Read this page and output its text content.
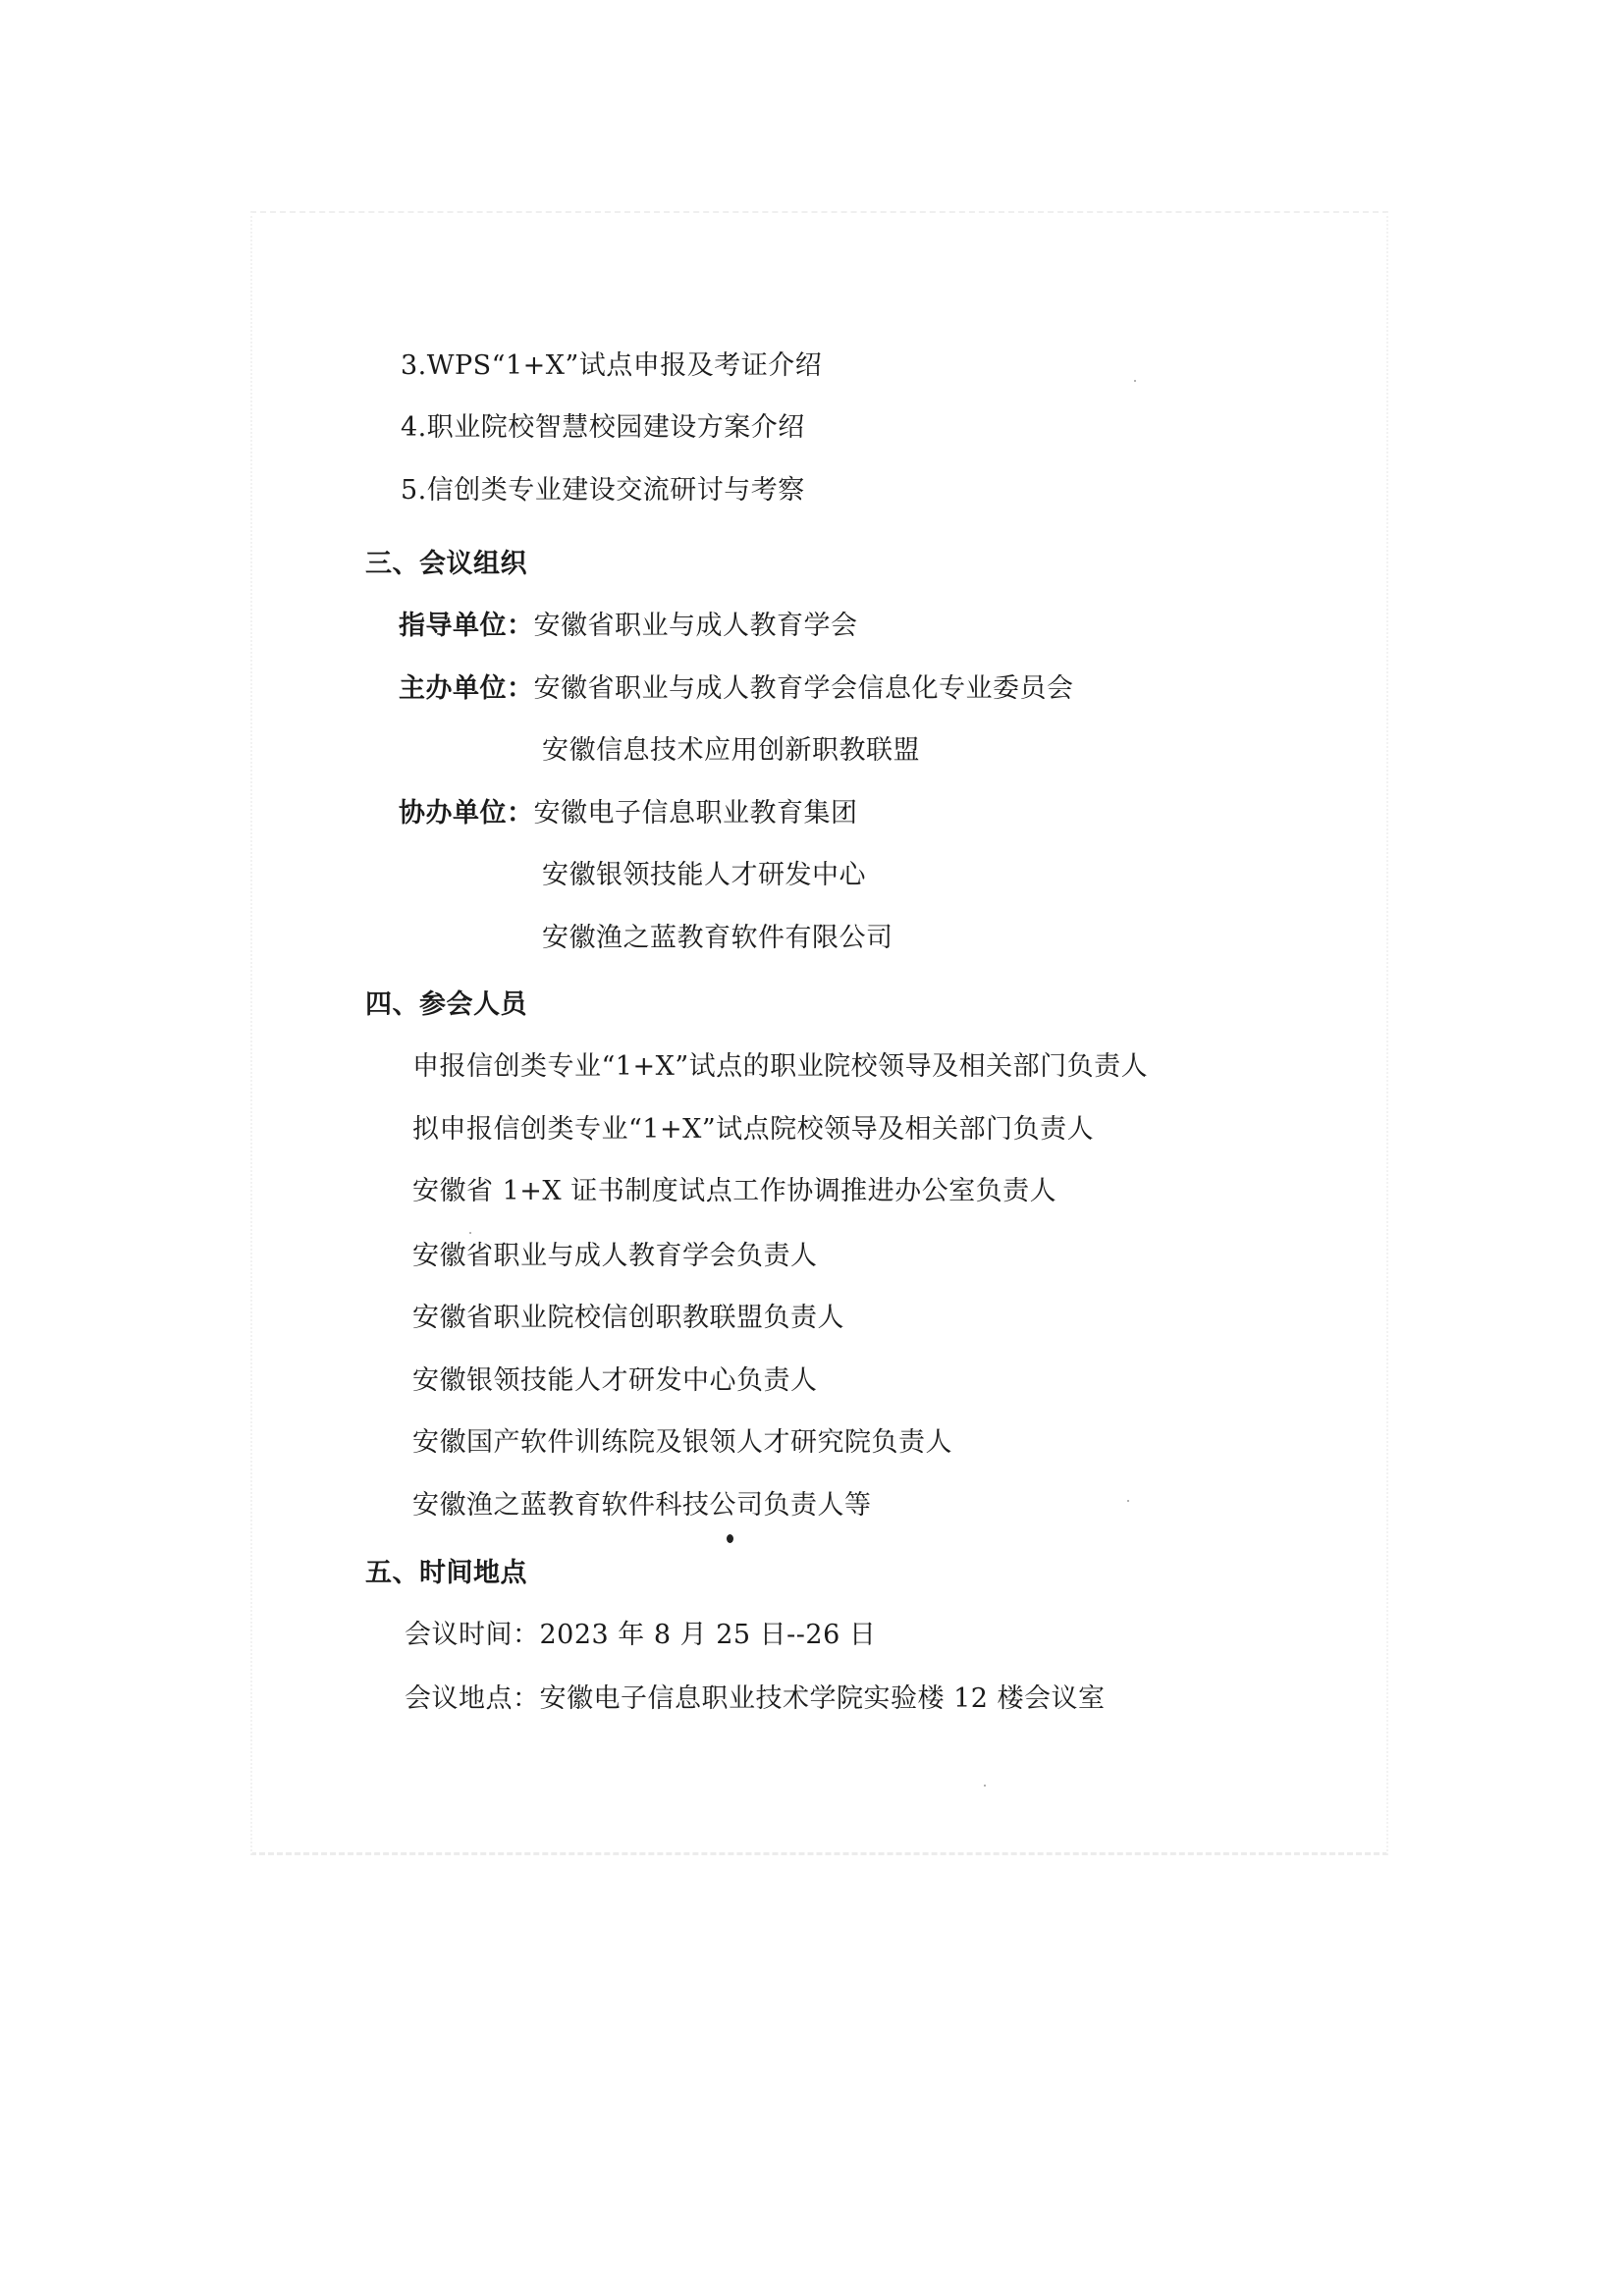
3.WPS“1+X”试点申报及考证介绍
4.职业院校智慧校园建设方案介绍
5.信创类专业建设交流研讨与考察
三、会议组织
指导单位：安徽省职业与成人教育学会
主办单位：安徽省职业与成人教育学会信息化专业委员会
安徽信息技术应用创新职教联盟
协办单位：安徽电子信息职业教育集团
安徽银领技能人才研发中心
安徽渔之蓝教育软件有限公司
四、参会人员
申报信创类专业“1+X”试点的职业院校领导及相关部门负责人
拟申报信创类专业“1+X”试点院校领导及相关部门负责人
安徽省 1+X 证书制度试点工作协调推进办公室负责人
安徽省职业与成人教育学会负责人
安徽省职业院校信创职教联盟负责人
安徽银领技能人才研发中心负责人
安徽国产软件训练院及银领人才研究院负责人
安徽渔之蓝教育软件科技公司负责人等
五、时间地点
会议时间：2023 年 8 月 25 日--26 日
会议地点：安徽电子信息职业技术学院实验楼 12 楼会议室
